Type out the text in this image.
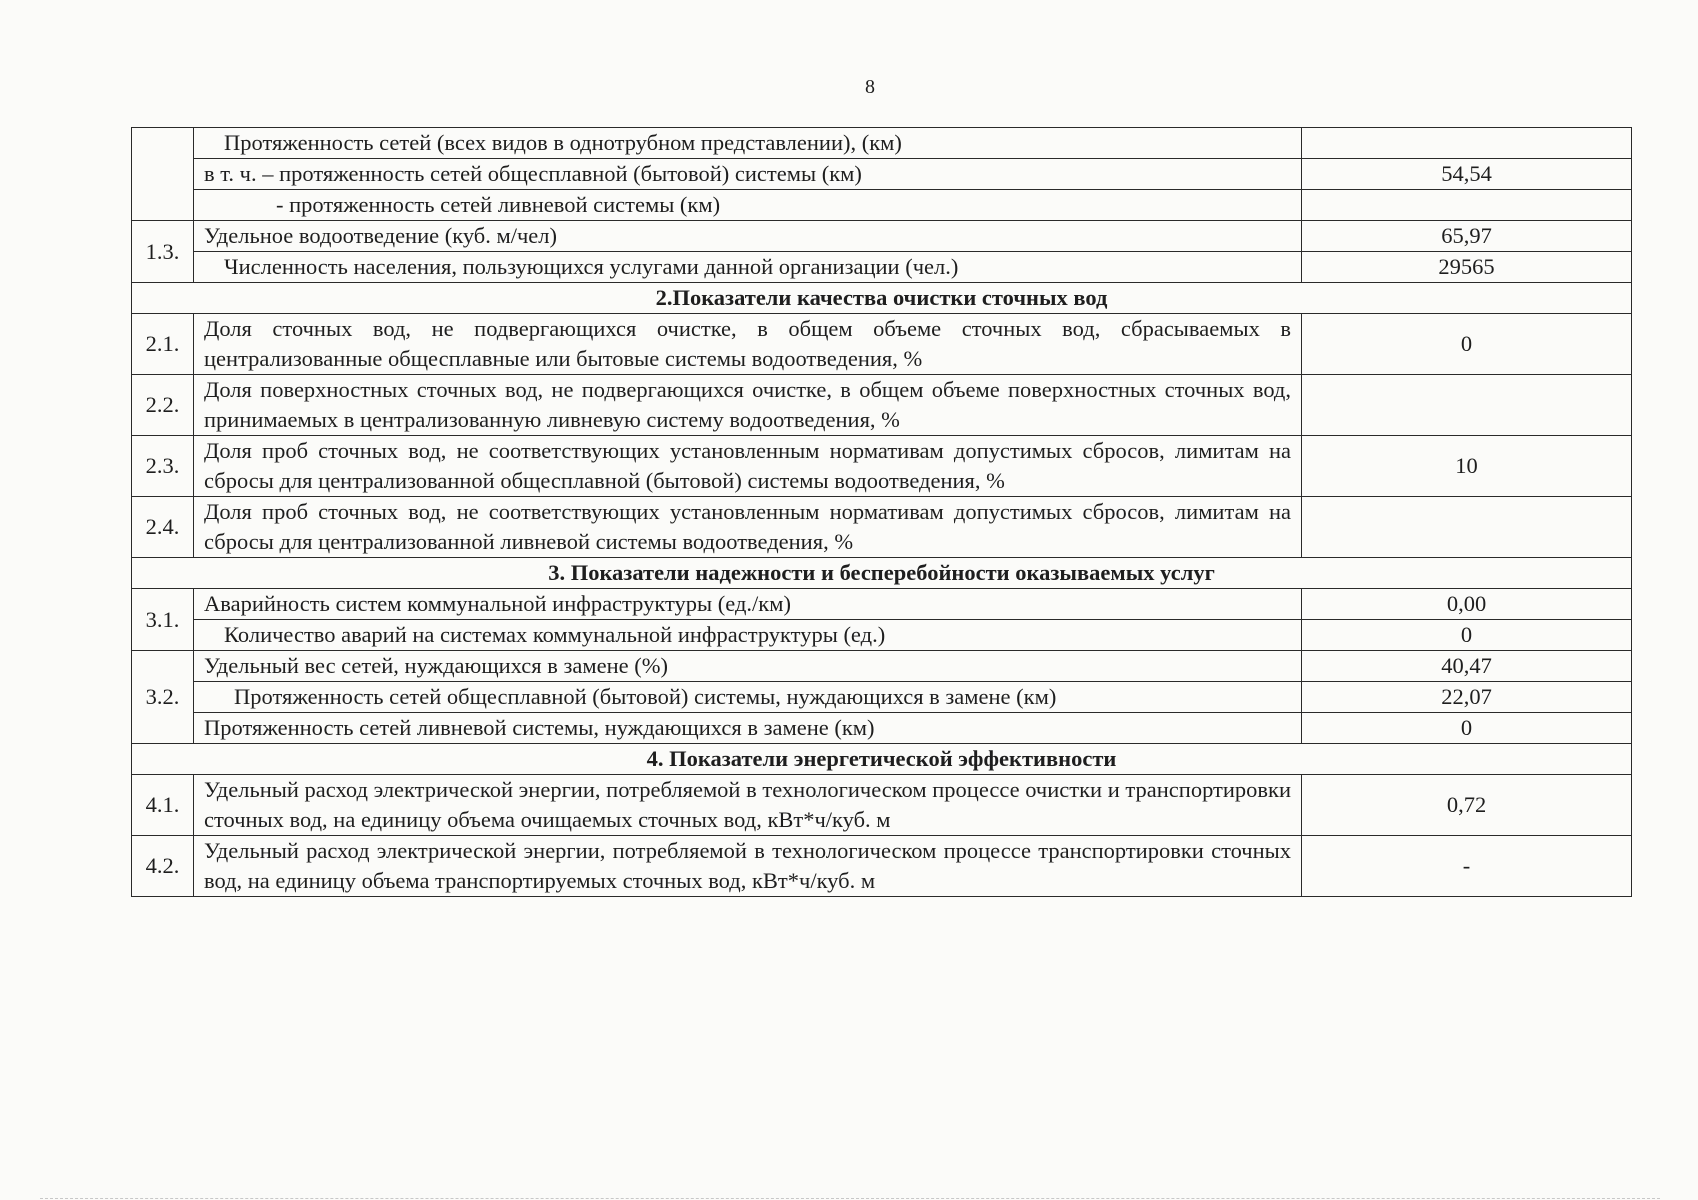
8
	Протяженность сетей (всех видов в однотрубном представлении), (км)	
	в т. ч. – протяженность сетей общесплавной (бытовой) системы (км)	54,54
	- протяженность сетей ливневой системы (км)	
1.3.	Удельное водоотведение (куб. м/чел)	65,97
	Численность населения, пользующихся услугами данной организации (чел.)	29565
2.Показатели качества очистки сточных вод		
2.1.	Доля сточных вод, не подвергающихся очистке, в общем объеме сточных вод, сбрасываемых в централизованные общесплавные или бытовые системы водоотведения, %	0
2.2.	Доля поверхностных сточных вод, не подвергающихся очистке, в общем объеме поверхностных сточных вод, принимаемых в централизованную ливневую систему водоотведения, %	
2.3.	Доля проб сточных вод, не соответствующих установленным нормативам допустимых сбросов, лимитам на сбросы для централизованной общесплавной (бытовой) системы водоотведения, %	10
2.4.	Доля проб сточных вод, не соответствующих установленным нормативам допустимых сбросов, лимитам на сбросы для централизованной ливневой системы водоотведения, %	
3. Показатели надежности и бесперебойности оказываемых услуг		
3.1.	Аварийность систем коммунальной инфраструктуры (ед./км)	0,00
	Количество аварий на системах коммунальной инфраструктуры (ед.)	0
3.2.	Удельный вес сетей, нуждающихся в замене (%)	40,47
	Протяженность сетей общесплавной (бытовой) системы, нуждающихся в замене (км)	22,07
	Протяженность сетей ливневой системы, нуждающихся в замене (км)	0
4. Показатели энергетической эффективности		
4.1.	Удельный расход электрической энергии, потребляемой в технологическом процессе очистки и транспортировки сточных вод, на единицу объема очищаемых сточных вод, кВт*ч/куб. м	0,72
4.2.	Удельный расход электрической энергии, потребляемой в технологическом процессе транспортировки сточных вод, на единицу объема транспортируемых сточных вод, кВт*ч/куб. м	-
